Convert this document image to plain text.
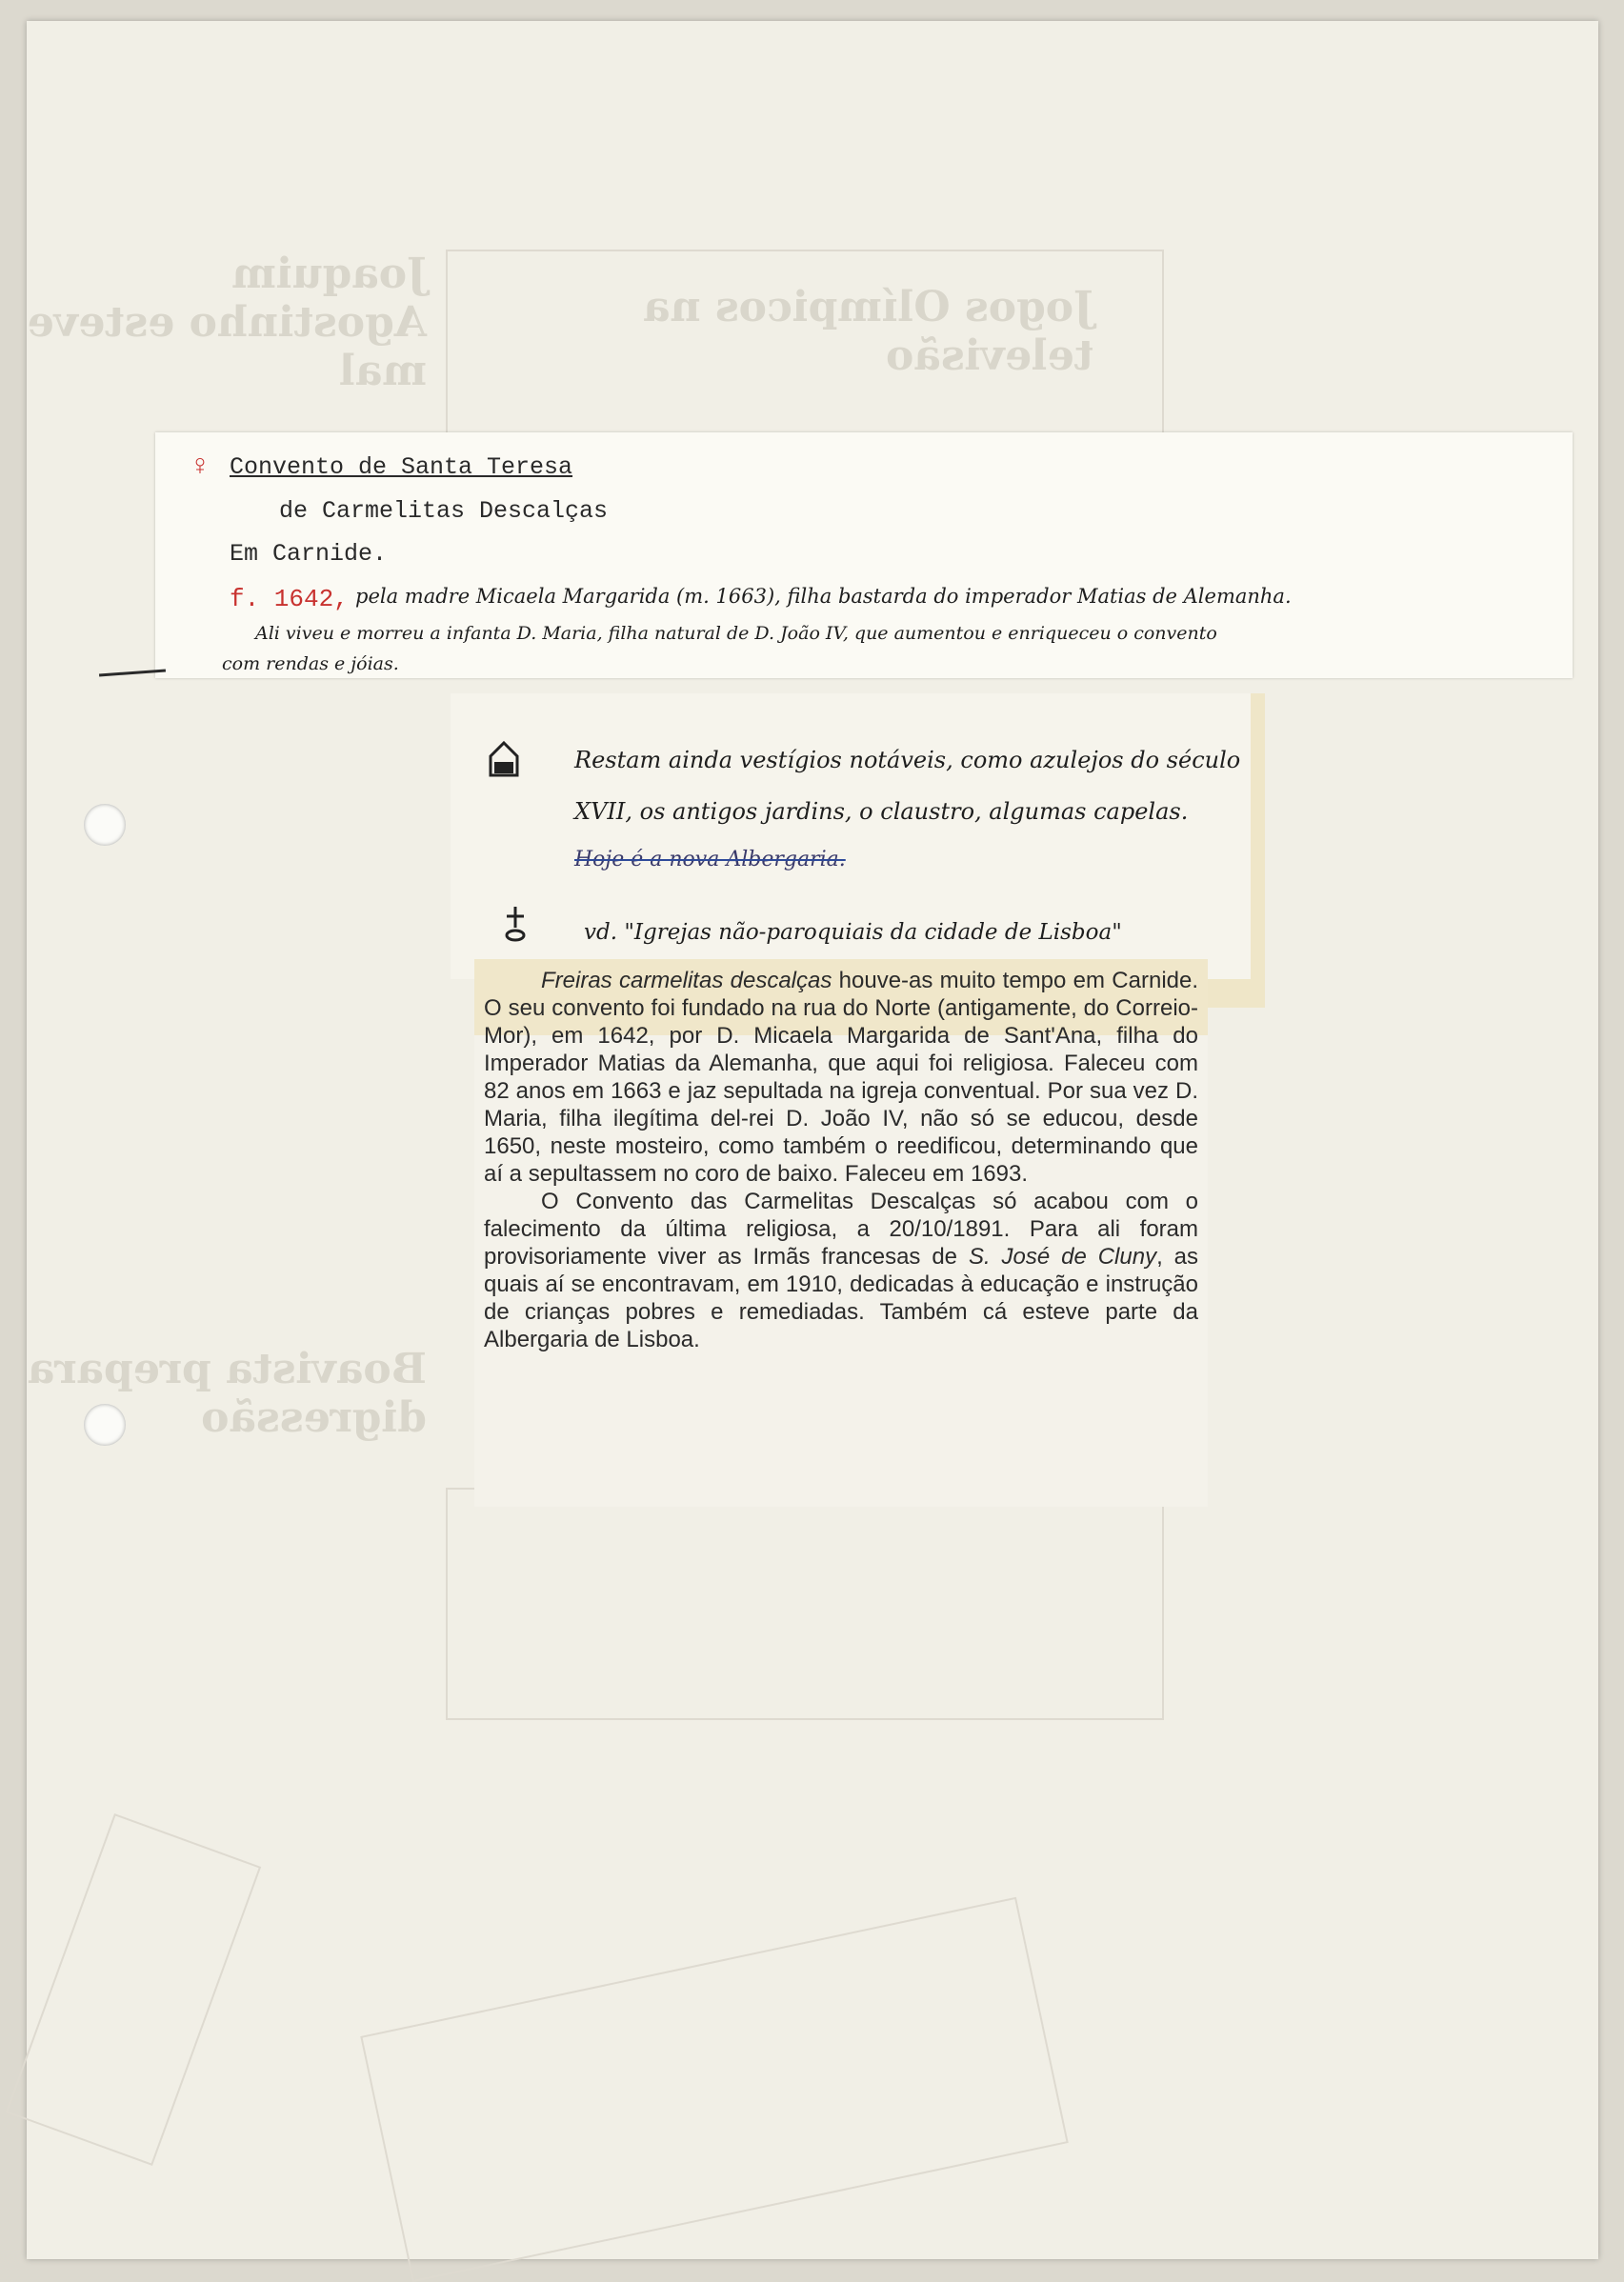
Jogos Olímpicos na televisão
Joaquim Agostinho esteve mal
Boavista prepara digressão
♀ Convento de Santa Teresa
de Carmelitas Descalças
Em Carnide.
f. 1642, pela madre Micaela Margarida (m. 1663), filha bastarda do imperador Matias de Alemanha.
Ali viveu e morreu a infanta D. Maria, filha natural de D. João IV, que aumentou e enriqueceu o convento
com rendas e jóias.
Restam ainda vestígios notáveis, como azulejos do século
XVII, os antigos jardins, o claustro, algumas capelas.
Hoje é a nova Albergaria.
vd. "Igrejas não-paroquiais da cidade de Lisboa"

Freiras carmelitas descalças houve-as muito tempo em Carnide. O seu convento foi fundado na rua do Norte (antigamente, do Correio-Mor), em 1642, por D. Micaela Margarida de Sant'Ana, filha do Imperador Matias da Alemanha, que aqui foi religiosa. Faleceu com 82 anos em 1663 e jaz sepultada na igreja conventual. Por sua vez D. Maria, filha ilegítima del-rei D. João IV, não só se educou, desde 1650, neste mosteiro, como também o reedificou, determinando que aí a sepultassem no coro de baixo. Faleceu em 1693.

O Convento das Carmelitas Descalças só acabou com o falecimento da última religiosa, a 20/10/1891. Para ali foram provisoriamente viver as Irmãs francesas de S. José de Cluny, as quais aí se encontravam, em 1910, dedicadas à educação e instrução de crianças pobres e remediadas. Também cá esteve parte da Albergaria de Lisboa.
